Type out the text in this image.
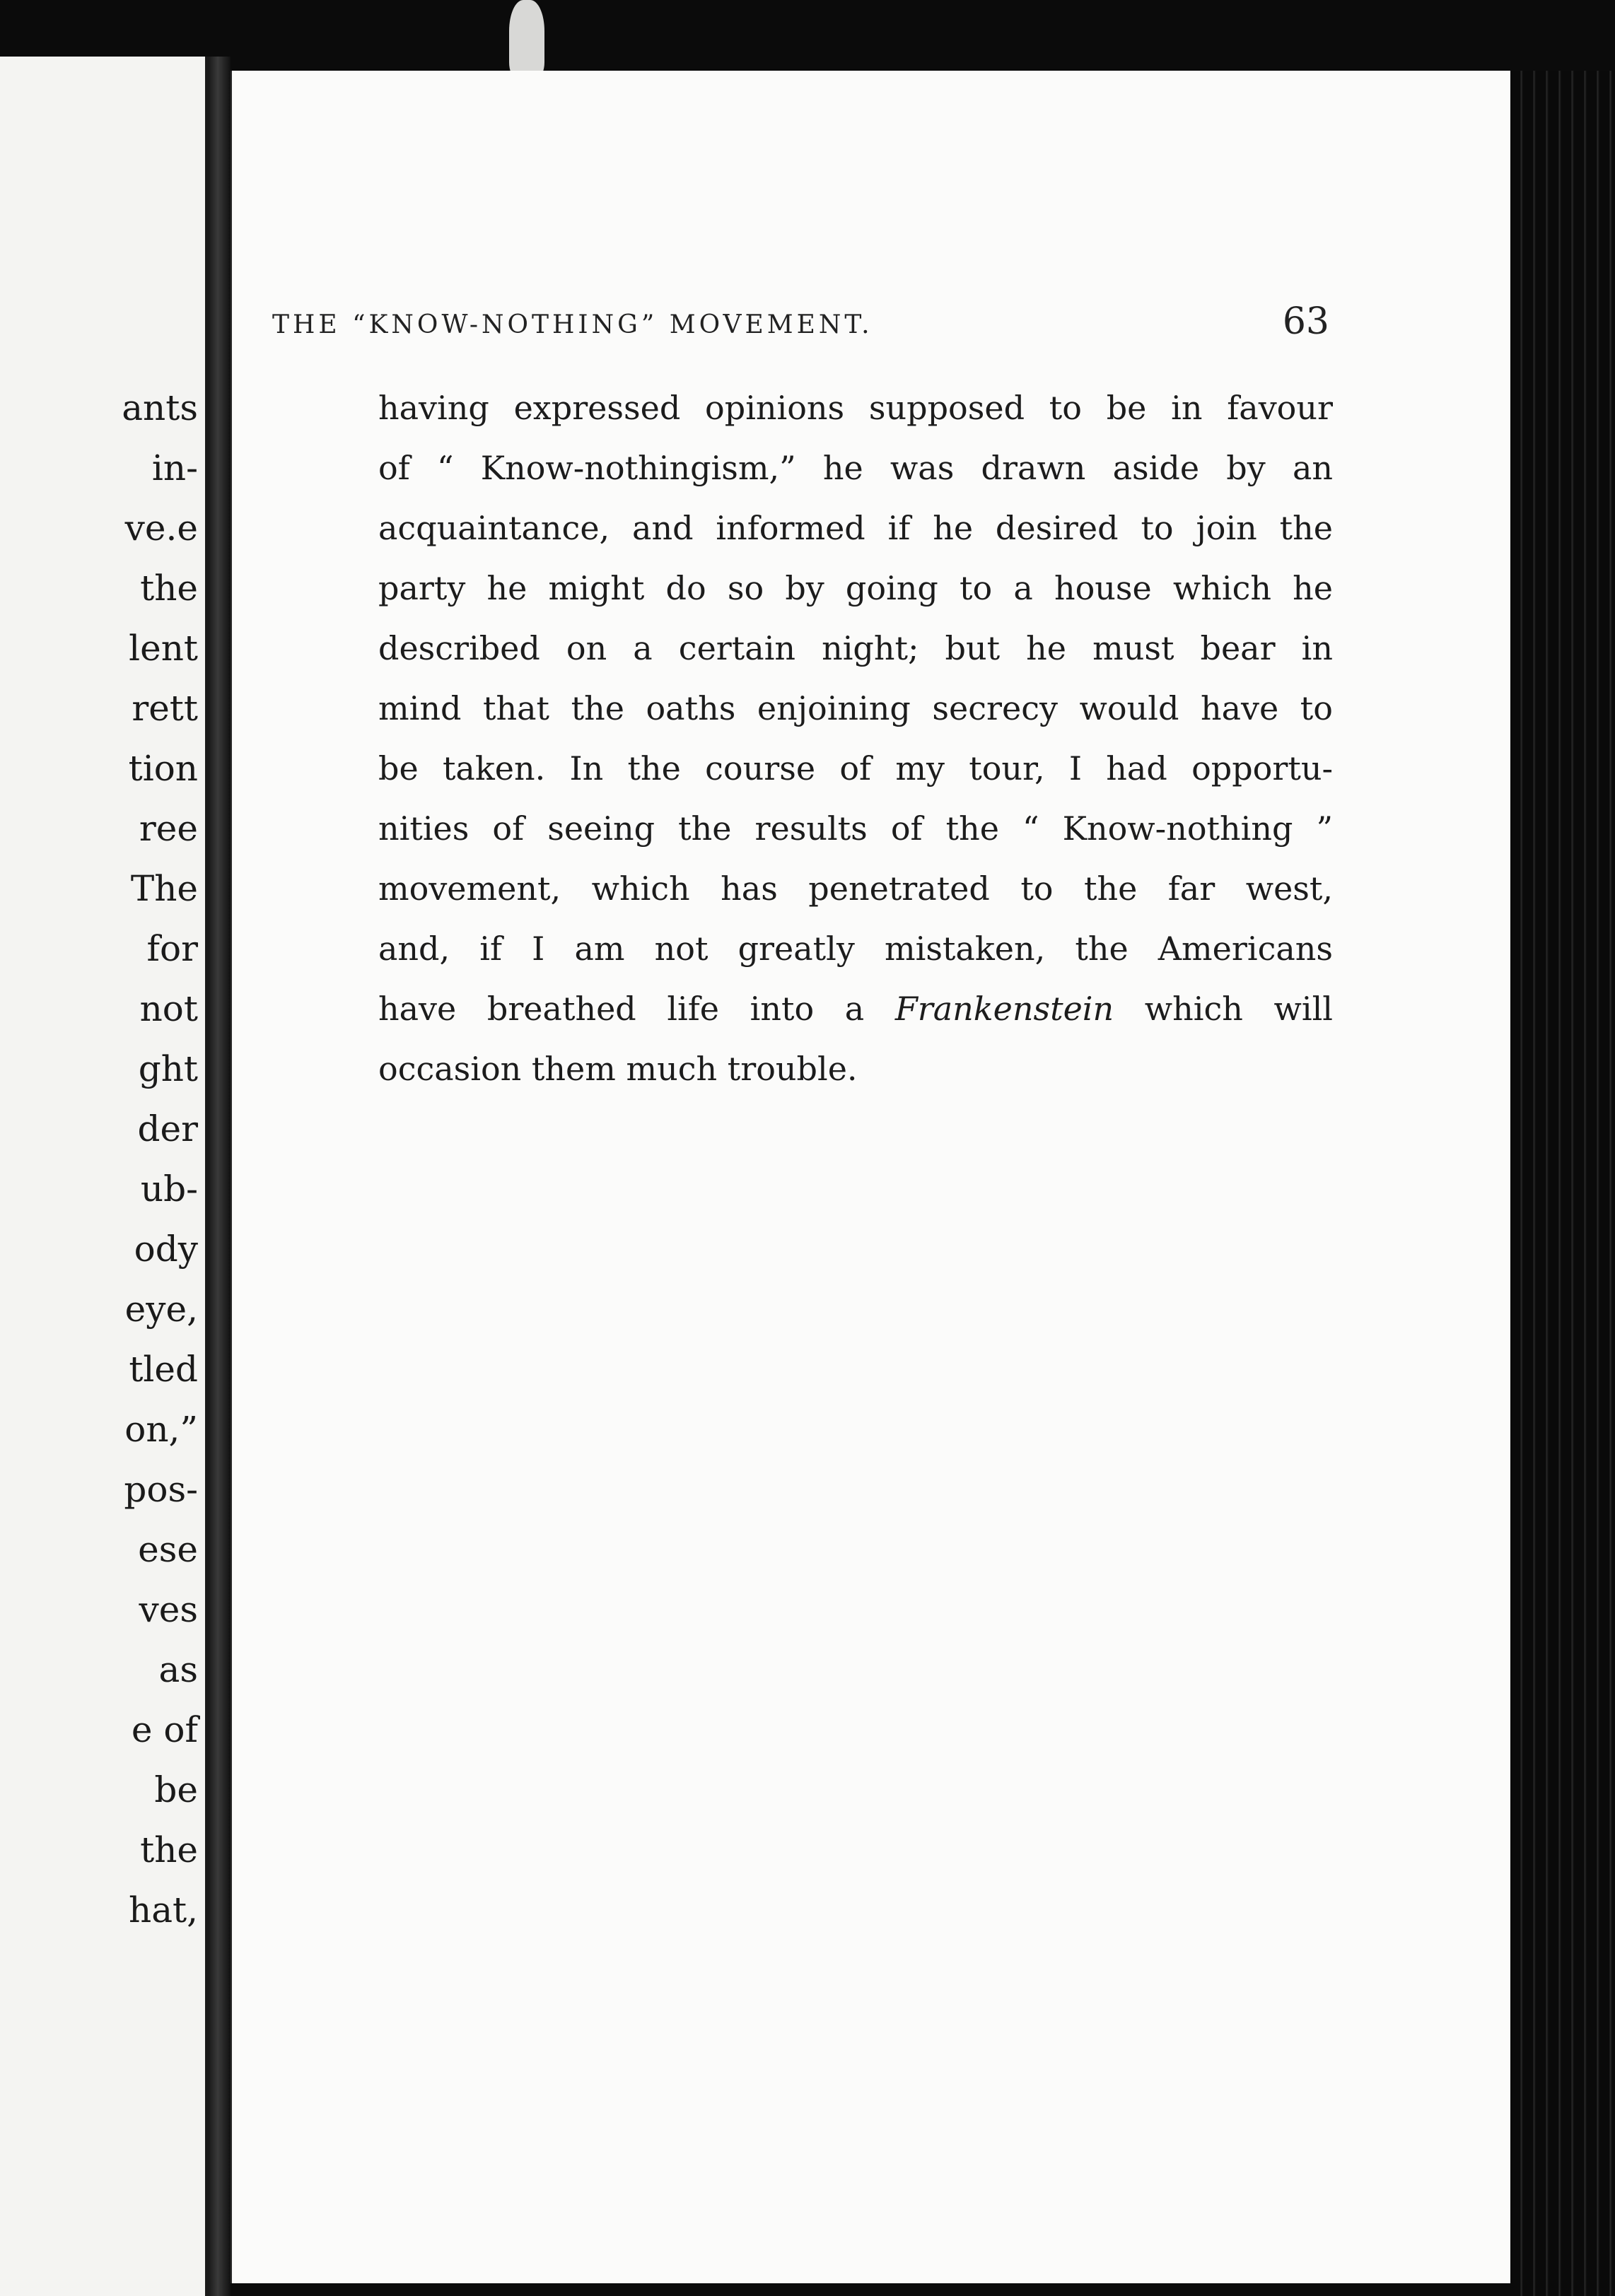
ants
in-
ve.e
the
lent
rett
tion
ree
The
for
not
ght
der
ub-
ody
eye,
tled
on,”
pos-
ese
ves
as
e of
be
the
hat,
THE “KNOW-NOTHING” MOVEMENT.	63
having expressed opinions supposed to be in favour
of “ Know-nothingism,” he was drawn aside by an
acquaintance, and informed if he desired to join the
party he might do so by going to a house which he
described on a certain night; but he must bear in
mind that the oaths enjoining secrecy would have to
be taken. In the course of my tour, I had opportu-
nities of seeing the results of the “ Know-nothing ”
movement, which has penetrated to the far west,
and, if I am not greatly mistaken, the Americans
have breathed life into a Frankenstein which will
occasion them much trouble.
